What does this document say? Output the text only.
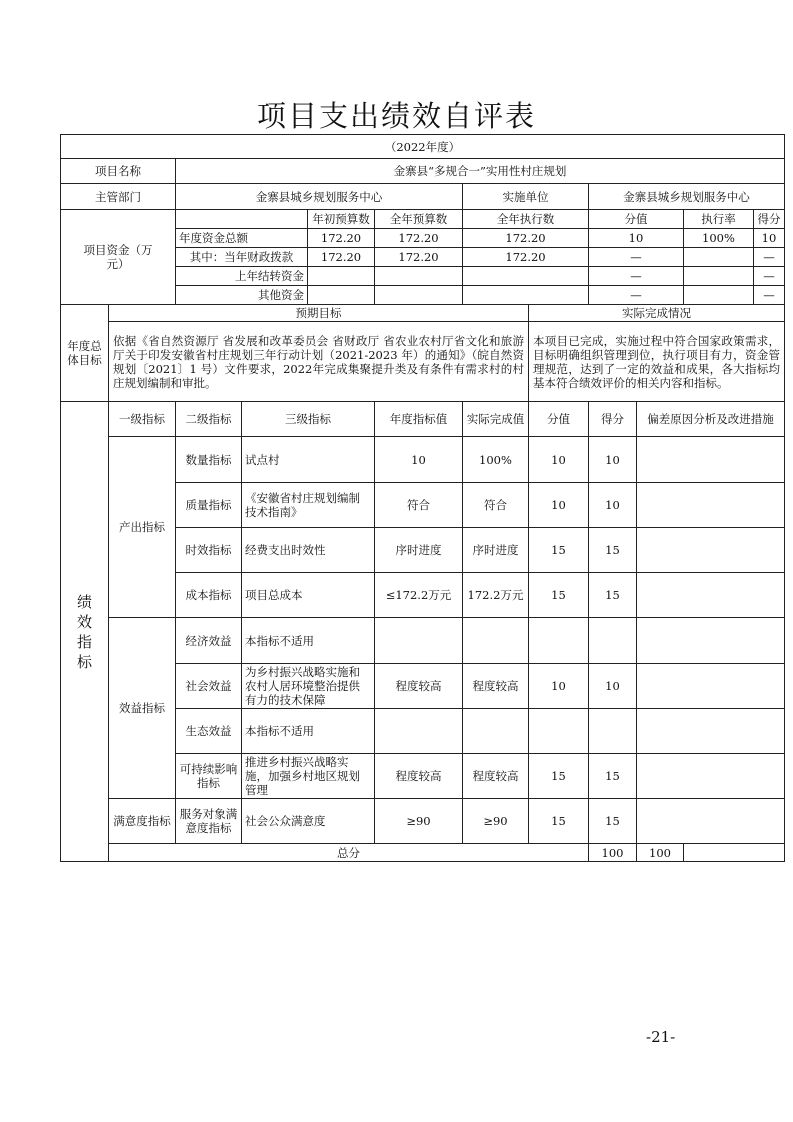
项目支出绩效自评表
（2022年度）											
项目名称		金寨县“多规合一”实用性村庄规划									
主管部门		金寨县城乡规划服务中心				实施单位		金寨县城乡规划服务中心			
项目资金（万元）				年初预算数	全年预算数	全年执行数		分值		执行率	得分
		年度资金总额		172.20	172.20	172.20		10		100%	10
		其中：当年财政拨款		172.20	172.20	172.20		—			—
		上年结转资金						—			—
		其他资金						—			—
年度总体目标	预期目标						实际完成情况				
	依据《省自然资源厅 省发展和改革委员会 省财政厅 省农业农村厅省文化和旅游厅关于印发安徽省村庄规划三年行动计划（2021-2023 年）的通知》（皖自然资规划〔2021〕1 号）文件要求，2022年完成集聚提升类及有条件有需求村的村庄规划编制和审批。						本项目已完成，实施过程中符合国家政策需求，目标明确组织管理到位，执行项目有力，资金管理规范，达到了一定的效益和成果，各大指标均基本符合绩效评价的相关内容和指标。				
绩效指标	一级指标	二级指标	三级指标		年度指标值	实际完成值	分值	得分	偏差原因分析及改进措施		
	产出指标	数量指标	试点村		10	100%	10	10			
		质量指标	《安徽省村庄规划编制技术指南》		符合	符合	10	10			
		时效指标	经费支出时效性		序时进度	序时进度	15	15			
		成本指标	项目总成本		≤172.2万元	172.2万元	15	15			
	效益指标	经济效益	本指标不适用								
		社会效益	为乡村振兴战略实施和农村人居环境整治提供有力的技术保障		程度较高	程度较高	10	10			
		生态效益	本指标不适用								
		可持续影响指标	推进乡村振兴战略实施，加强乡村地区规划管理		程度较高	程度较高	15	15			
	满意度指标	服务对象满意度指标	社会公众满意度		≥90	≥90	15	15			
	总分							100	100		
-21-
